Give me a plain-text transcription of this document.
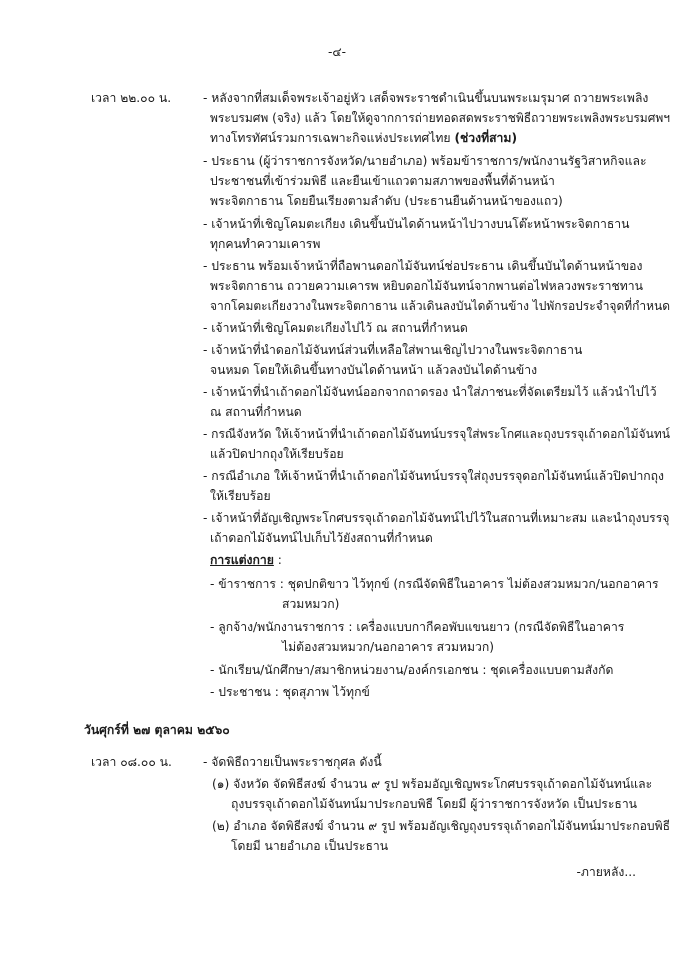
-๔-
เวลา ๒๒.๐๐ น.	- หลังจากที่สมเด็จพระเจ้าอยู่หัว เสด็จพระราชดำเนินขึ้นบนพระเมรุมาศ ถวายพระเพลิง
พระบรมศพ (จริง) แล้ว โดยให้ดูจากการถ่ายทอดสดพระราชพิธีถวายพระเพลิงพระบรมศพฯ
ทางโทรทัศน์รวมการเฉพาะกิจแห่งประเทศไทย (ช่วงที่สาม)
- ประธาน (ผู้ว่าราชการจังหวัด/นายอำเภอ) พร้อมข้าราชการ/พนักงานรัฐวิสาหกิจและ
ประชาชนที่เข้าร่วมพิธี และยืนเข้าแถวตามสภาพของพื้นที่ด้านหน้า
พระจิตกาธาน โดยยืนเรียงตามลำดับ (ประธานยืนด้านหน้าของแถว)
- เจ้าหน้าที่เชิญโคมตะเกียง เดินขึ้นบันไดด้านหน้าไปวางบนโต๊ะหน้าพระจิตกาธาน
ทุกคนทำความเคารพ
- ประธาน พร้อมเจ้าหน้าที่ถือพานดอกไม้จันทน์ช่อประธาน เดินขึ้นบันไดด้านหน้าของ
พระจิตกาธาน ถวายความเคารพ หยิบดอกไม้จันทน์จากพานต่อไฟหลวงพระราชทาน
จากโคมตะเกียงวางในพระจิตกาธาน แล้วเดินลงบันไดด้านข้าง ไปพักรอประจำจุดที่กำหนด
- เจ้าหน้าที่เชิญโคมตะเกียงไปไว้ ณ สถานที่กำหนด
- เจ้าหน้าที่นำดอกไม้จันทน์ส่วนที่เหลือใส่พานเชิญไปวางในพระจิตกาธาน
จนหมด โดยให้เดินขึ้นทางบันไดด้านหน้า แล้วลงบันไดด้านข้าง
- เจ้าหน้าที่นำเถ้าดอกไม้จันทน์ออกจากถาดรอง นำใส่ภาชนะที่จัดเตรียมไว้ แล้วนำไปไว้
ณ สถานที่กำหนด
- กรณีจังหวัด ให้เจ้าหน้าที่นำเถ้าดอกไม้จันทน์บรรจุใส่พระโกศและถุงบรรจุเถ้าดอกไม้จันทน์
แล้วปิดปากถุงให้เรียบร้อย
- กรณีอำเภอ ให้เจ้าหน้าที่นำเถ้าดอกไม้จันทน์บรรจุใส่ถุงบรรจุดอกไม้จันทน์แล้วปิดปากถุง
ให้เรียบร้อย
- เจ้าหน้าที่อัญเชิญพระโกศบรรจุเถ้าดอกไม้จันทน์ไปไว้ในสถานที่เหมาะสม และนำถุงบรรจุ
เถ้าดอกไม้จันทน์ไปเก็บไว้ยังสถานที่กำหนด
การแต่งกาย :
- ข้าราชการ : ชุดปกติขาว ไว้ทุกข์ (กรณีจัดพิธีในอาคาร ไม่ต้องสวมหมวก/นอกอาคาร
สวมหมวก)
- ลูกจ้าง/พนักงานราชการ : เครื่องแบบกากีคอพับแขนยาว (กรณีจัดพิธีในอาคาร
ไม่ต้องสวมหมวก/นอกอาคาร สวมหมวก)
- นักเรียน/นักศึกษา/สมาชิกหน่วยงาน/องค์กรเอกชน : ชุดเครื่องแบบตามสังกัด
- ประชาชน : ชุดสุภาพ ไว้ทุกข์
วันศุกร์ที่ ๒๗ ตุลาคม ๒๕๖๐
เวลา ๐๘.๐๐ น.	- จัดพิธีถวายเป็นพระราชกุศล ดังนี้
(๑) จังหวัด จัดพิธีสงฆ์ จำนวน ๙ รูป พร้อมอัญเชิญพระโกศบรรจุเถ้าดอกไม้จันทน์และ
ถุงบรรจุเถ้าดอกไม้จันทน์มาประกอบพิธี โดยมี ผู้ว่าราชการจังหวัด เป็นประธาน
(๒) อำเภอ จัดพิธีสงฆ์ จำนวน ๙ รูป พร้อมอัญเชิญถุงบรรจุเถ้าดอกไม้จันทน์มาประกอบพิธี
โดยมี นายอำเภอ เป็นประธาน
-ภายหลัง...
